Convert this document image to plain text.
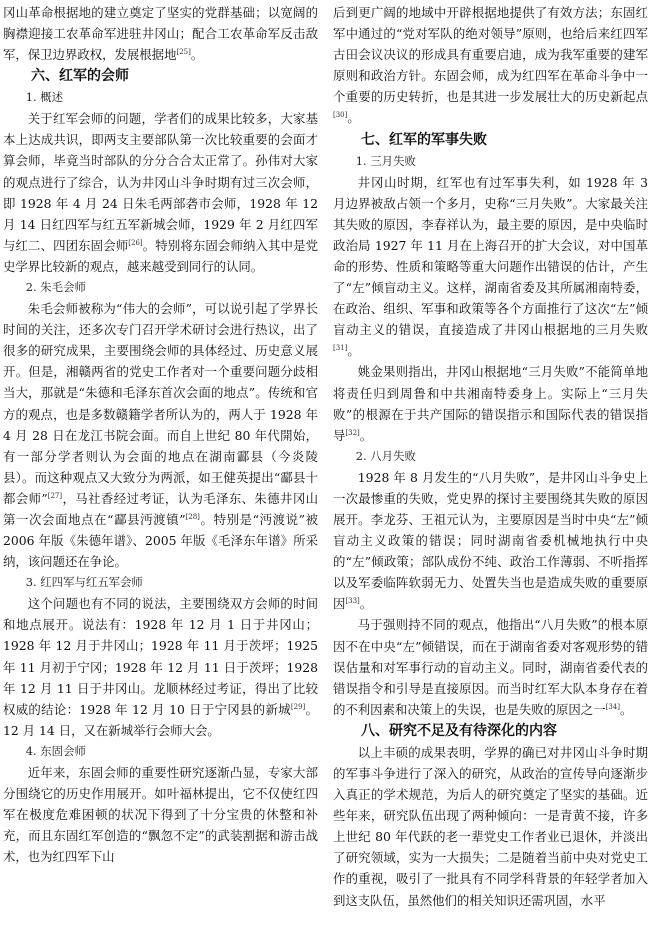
冈山革命根据地的建立奠定了坚实的党群基础；以宽阔的胸襟迎接工农革命军进驻井冈山；配合工农革命军反击敌军，保卫边界政权，发展根据地[25]。

六、红军的会师
1. 概述

关于红军会师的问题，学者们的成果比较多，大家基本上达成共识，即两支主要部队第一次比较重要的会面才算会师，毕竟当时部队的分分合合太正常了。孙伟对大家的观点进行了综合，认为井冈山斗争时期有过三次会师，即 1928 年 4 月 24 日朱毛两部砻市会师，1928 年 12 月 14 日红四军与红五军新城会师，1929 年 2 月红四军与红二、四团东固会师[26]。特别将东固会师纳入其中是党史学界比较新的观点，越来越受到同行的认同。

2. 朱毛会师

朱毛会师被称为“伟大的会师”，可以说引起了学界长时间的关注，还多次专门召开学术研讨会进行热议，出了很多的研究成果，主要围绕会师的具体经过、历史意义展开。但是，湘赣两省的党史工作者对一个重要问题分歧相当大，那就是“朱德和毛泽东首次会面的地点”。传统和官方的观点，也是多数赣籍学者所认为的，两人于 1928 年 4 月 28 日在龙江书院会面。而自上世纪 80 年代開始，有一部分学者则认为会面的地点在湖南酃县（今炎陵县）。而这种观点又大致分为两派，如王健英提出“酃县十都会师”[27]，马社香经过考证，认为毛泽东、朱德井冈山第一次会面地点在“酃县沔渡镇”[28]。特别是“沔渡说”被 2006 年版《朱德年谱》、2005 年版《毛泽东年谱》所采纳，该问题还在争论。

3. 红四军与红五军会师

这个问题也有不同的说法，主要围绕双方会师的时间和地点展开。说法有：1928 年 12 月 1 日于井冈山；1928 年 12 月于井冈山；1928 年 11 月于茨坪；1925 年 11 月初于宁冈；1928 年 12 月 11 日于茨坪；1928 年 12 月 11 日于井冈山。龙顺林经过考证，得出了比较权威的结论：1928 年 12 月 10 日于宁冈县的新城[29]。12 月 14 日，又在新城举行会师大会。

4. 东固会师

近年来，东固会师的重要性研究逐渐凸显，专家大部分围绕它的历史作用展开。如叶福林提出，它不仅使红四军在极度危难困顿的状况下得到了十分宝贵的休整和补充，而且东固红军创造的“飘忽不定”的武装割据和游击战术，也为红四军下山

后到更广阔的地域中开辟根据地提供了有效方法；东固红军中通过的“党对军队的绝对领导”原则，也给后来红四军古田会议决议的形成具有重要启迪，成为我军重要的建军原则和政治方针。东固会师，成为红四军在革命斗争中一个重要的历史转折，也是其进一步发展壮大的历史新起点[30]。

七、红军的军事失败
1. 三月失败

井冈山时期，红军也有过军事失利，如 1928 年 3 月边界被敌占领一个多月，史称“三月失败”。大家最关注其失败的原因，李春祥认为，最主要的原因，是中央临时政治局 1927 年 11 月在上海召开的扩大会议，对中国革命的形势、性质和策略等重大问题作出错误的估计，产生了“左”倾盲动主义。这样，湖南省委及其所属湘南特委，在政治、组织、军事和政策等各个方面推行了这次“左”倾盲动主义的错误，直接造成了井冈山根据地的三月失败[31]。

姚金果则指出，井冈山根据地“三月失败”不能简单地将责任归到周鲁和中共湘南特委身上。实际上“三月失败”的根源在于共产国际的错误指示和国际代表的错误指导[32]。

2. 八月失败

1928 年 8 月发生的“八月失败”，是井冈山斗争史上一次最惨重的失败，党史界的探讨主要围绕其失败的原因展开。李龙芬、王祖元认为，主要原因是当时中央“左”倾盲动主义政策的错误；同时湖南省委机械地执行中央的“左”倾政策；部队成份不纯、政治工作薄弱、不听指挥以及军委临阵软弱无力、处置失当也是造成失败的重要原因[33]。

马于强则持不同的观点，他指出“八月失败”的根本原因不在中央“左”倾错误，而在于湖南省委对客观形势的错误估量和对军事行动的盲动主义。同时，湖南省委代表的错误指令和引导是直接原因。而当时红军大队本身存在着的不利因素和决策上的失误，也是失败的原因之一[34]。

八、研究不足及有待深化的内容

以上丰硕的成果表明，学界的确已对井冈山斗争时期的军事斗争进行了深入的研究，从政治的宣传导向逐渐步入真正的学术规范，为后人的研究奠定了坚实的基础。近些年来，研究队伍出现了两种倾向：一是青黄不接，许多上世纪 80 年代跃的老一辈党史工作者业已退休，并淡出了研究领域，实为一大损失；二是随着当前中央对党史工作的重视，吸引了一批具有不同学科背景的年轻学者加入到这支队伍，虽然他们的相关知识还需巩固，水平
